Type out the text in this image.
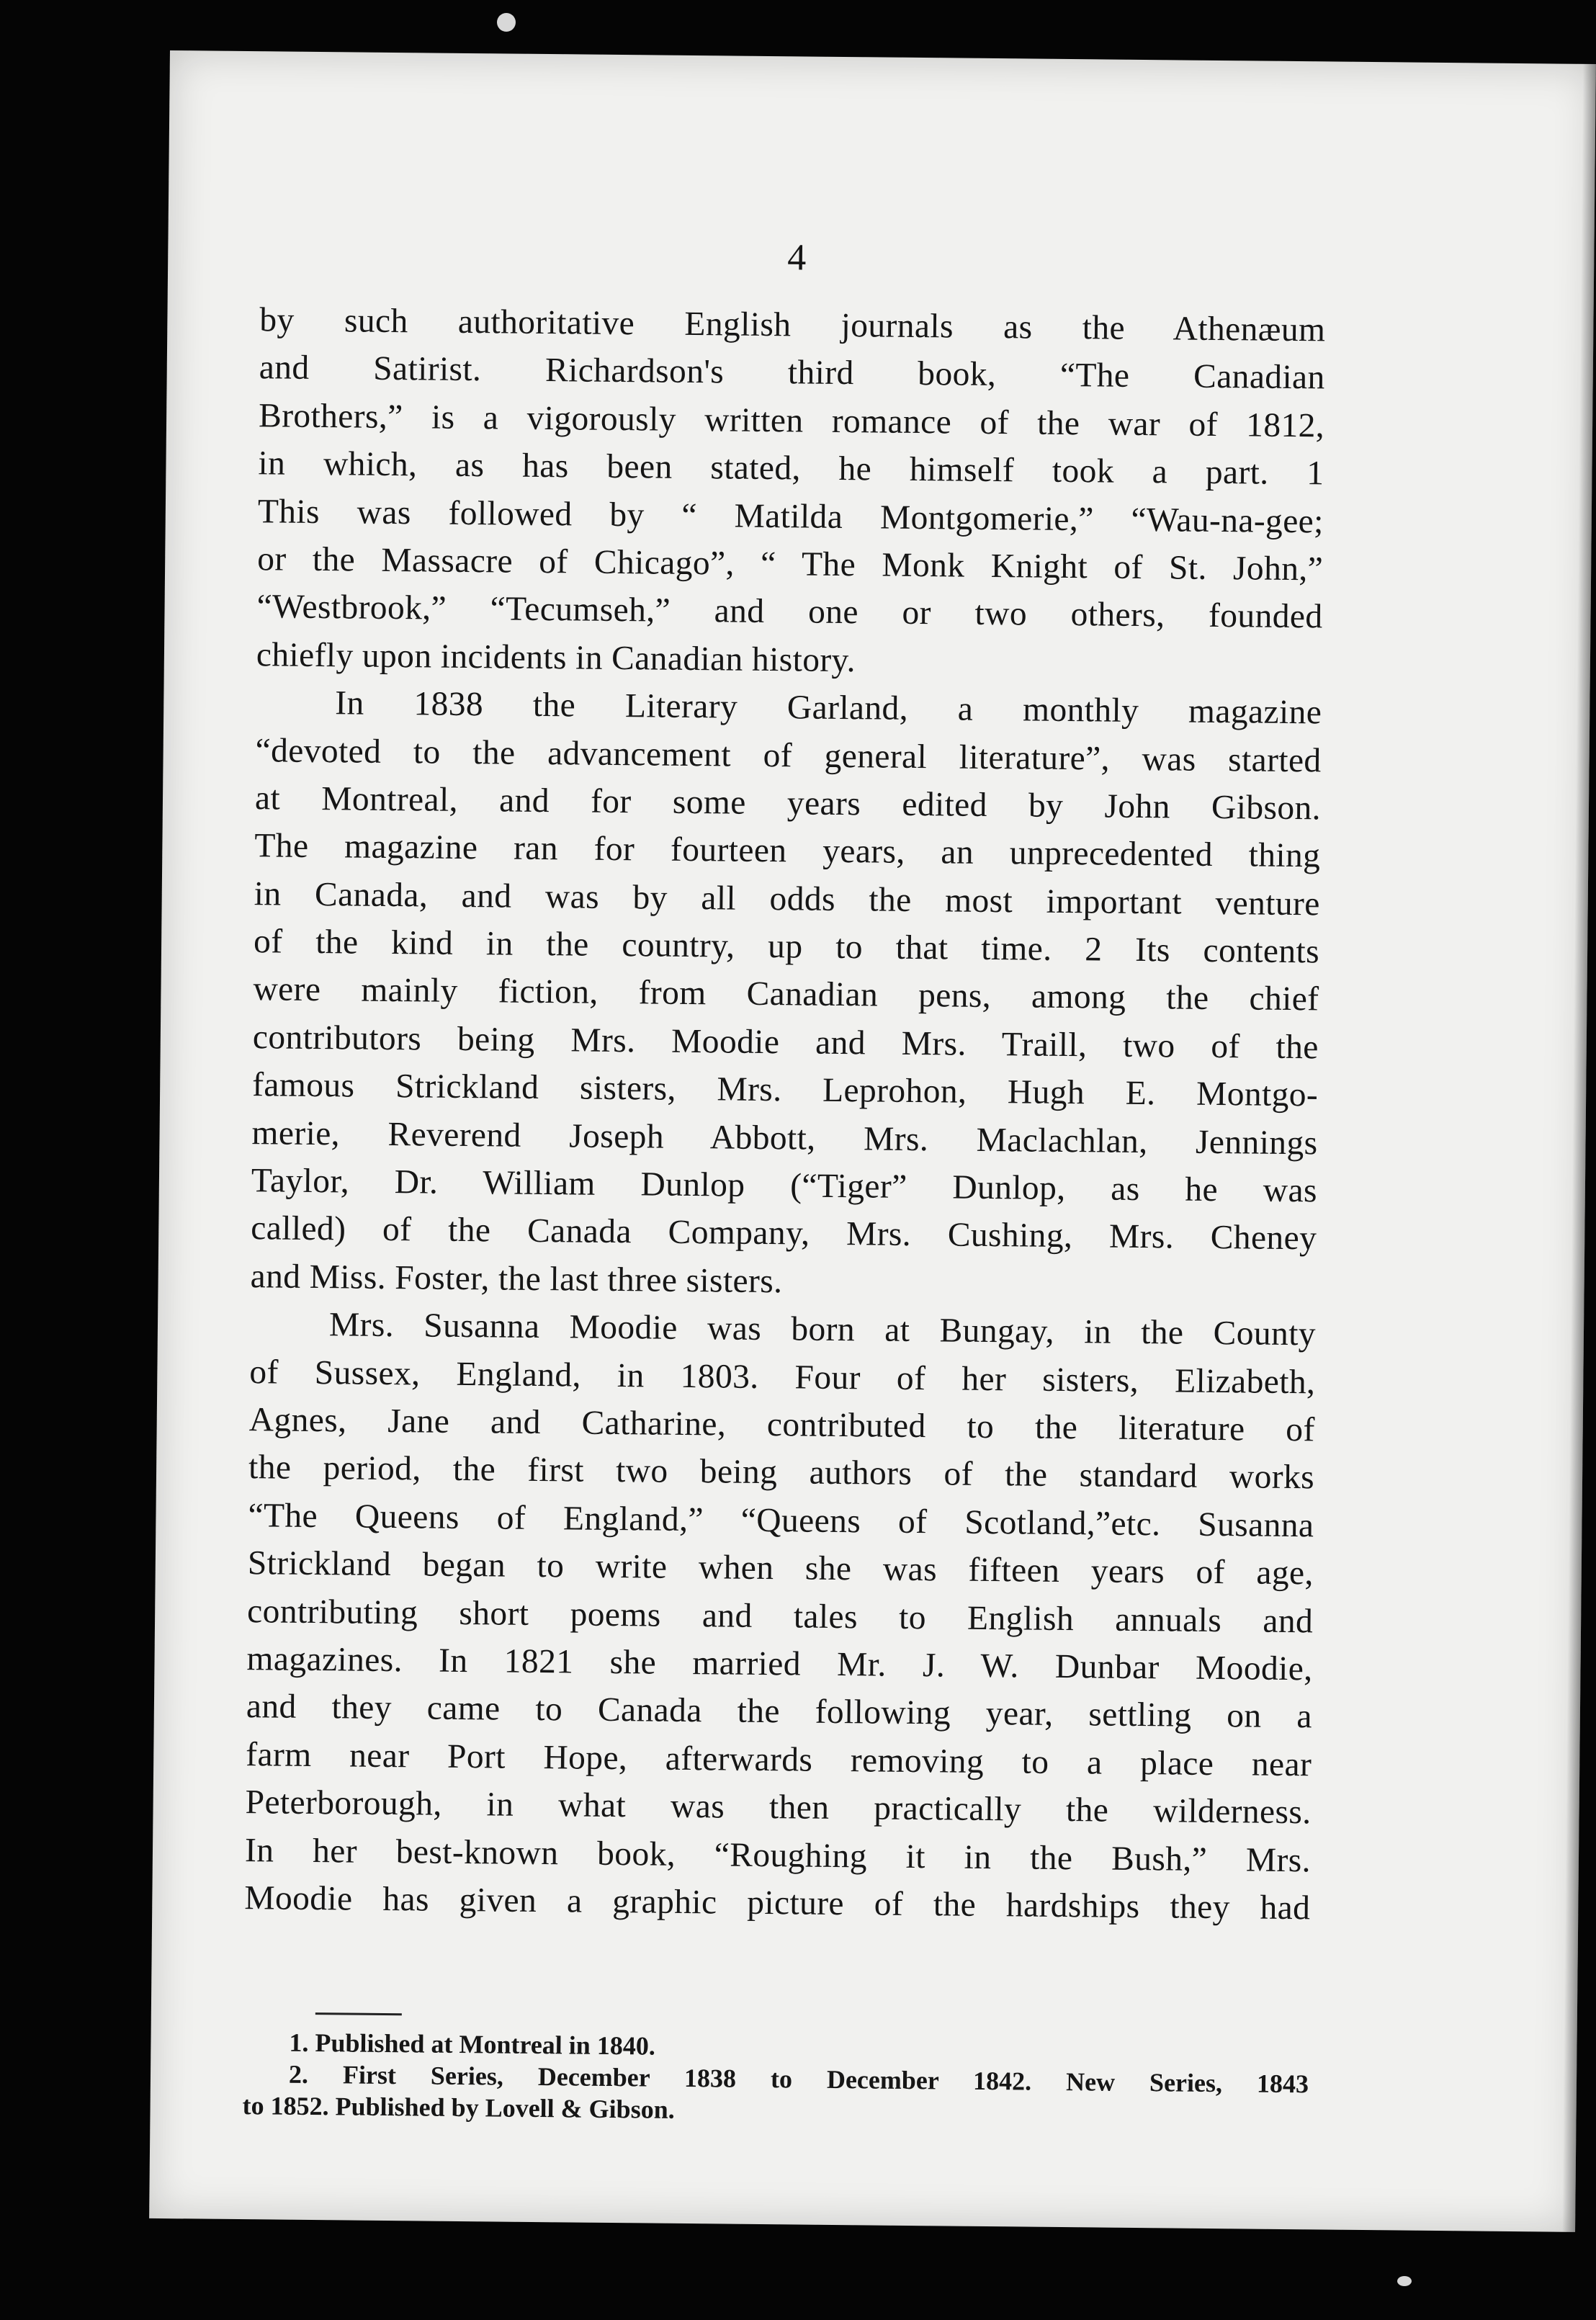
4

by such authoritative English journals as the Athenæum
and Satirist. Richardson's third book, “The Canadian
Brothers,” is a vigorously written romance of the war of 1812,
in which, as has been stated, he himself took a part. 1
This was followed by “ Matilda Montgomerie,” “Wau-na-gee;
or the Massacre of Chicago”, “ The Monk Knight of St. John,”
“Westbrook,” “Tecumseh,” and one or two others, founded
chiefly upon incidents in Canadian history.

In 1838 the Literary Garland, a monthly magazine
“devoted to the advancement of general literature”, was started
at Montreal, and for some years edited by John Gibson.
The magazine ran for fourteen years, an unprecedented thing
in Canada, and was by all odds the most important venture
of the kind in the country, up to that time. 2 Its contents
were mainly fiction, from Canadian pens, among the chief
contributors being Mrs. Moodie and Mrs. Traill, two of the
famous Strickland sisters, Mrs. Leprohon, Hugh E. Montgo-
merie, Reverend Joseph Abbott, Mrs. Maclachlan, Jennings
Taylor, Dr. William Dunlop (“Tiger” Dunlop, as he was
called) of the Canada Company, Mrs. Cushing, Mrs. Cheney
and Miss. Foster, the last three sisters.

Mrs. Susanna Moodie was born at Bungay, in the County
of Sussex, England, in 1803. Four of her sisters, Elizabeth,
Agnes, Jane and Catharine, contributed to the literature of
the period, the first two being authors of the standard works
“The Queens of England,” “Queens of Scotland,”etc. Susanna
Strickland began to write when she was fifteen years of age,
contributing short poems and tales to English annuals and
magazines. In 1821 she married Mr. J. W. Dunbar Moodie,
and they came to Canada the following year, settling on a
farm near Port Hope, afterwards removing to a place near
Peterborough, in what was then practically the wilderness.
In her best-known book, “Roughing it in the Bush,” Mrs.
Moodie has given a graphic picture of the hardships they had

1. Published at Montreal in 1840.
2. First Series, December 1838 to December 1842. New Series, 1843
to 1852. Published by Lovell & Gibson.
